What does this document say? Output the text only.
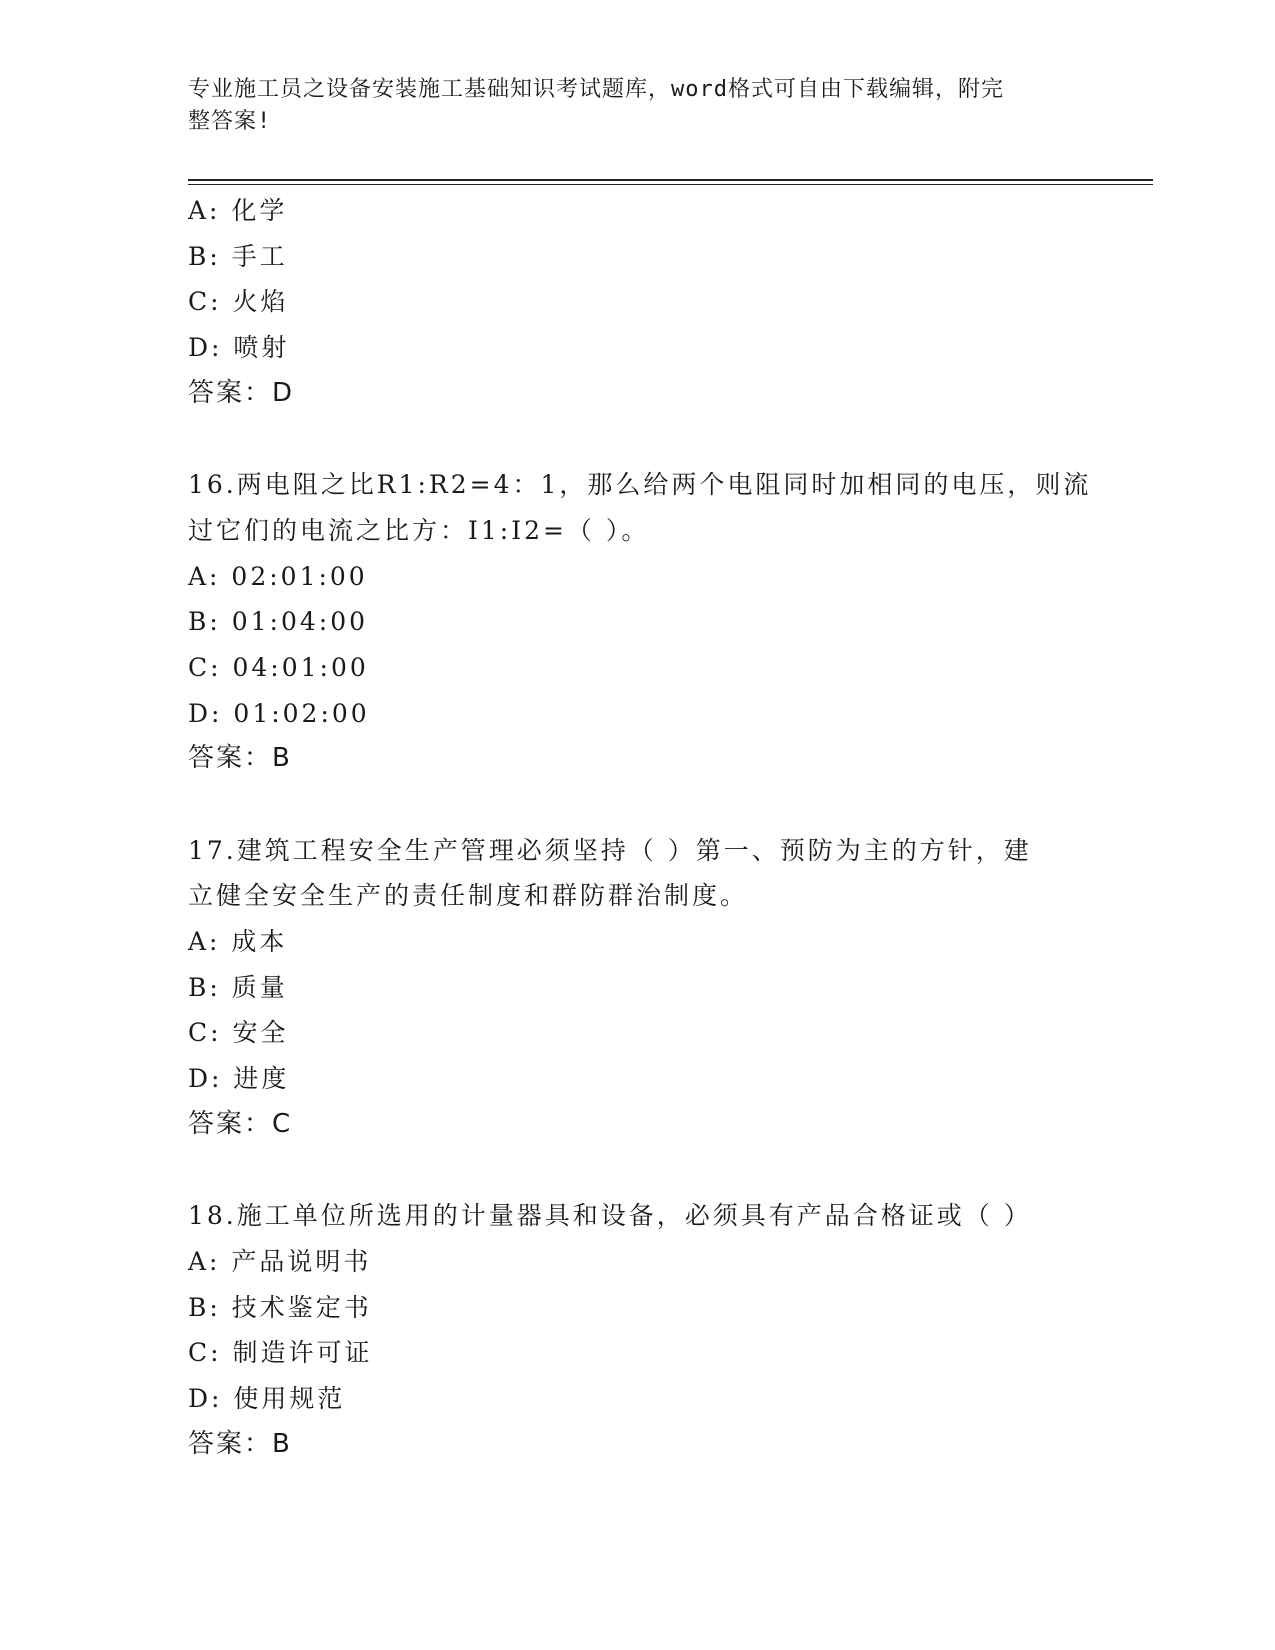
专业施工员之设备安装施工基础知识考试题库，word格式可自由下载编辑，附完
整答案!
A: 化学
B: 手工
C: 火焰
D: 喷射
答案：D
16.两电阻之比R1:R2=4：1，那么给两个电阻同时加相同的电压，则流
过它们的电流之比方：I1:I2=（ ）。
A: 02:01:00
B: 01:04:00
C: 04:01:00
D: 01:02:00
答案：B
17.建筑工程安全生产管理必须坚持（ ）第一、预防为主的方针，建
立健全安全生产的责任制度和群防群治制度。
A: 成本
B: 质量
C: 安全
D: 进度
答案：C
18.施工单位所选用的计量器具和设备，必须具有产品合格证或（ ）
A: 产品说明书
B: 技术鉴定书
C: 制造许可证
D: 使用规范
答案：B
